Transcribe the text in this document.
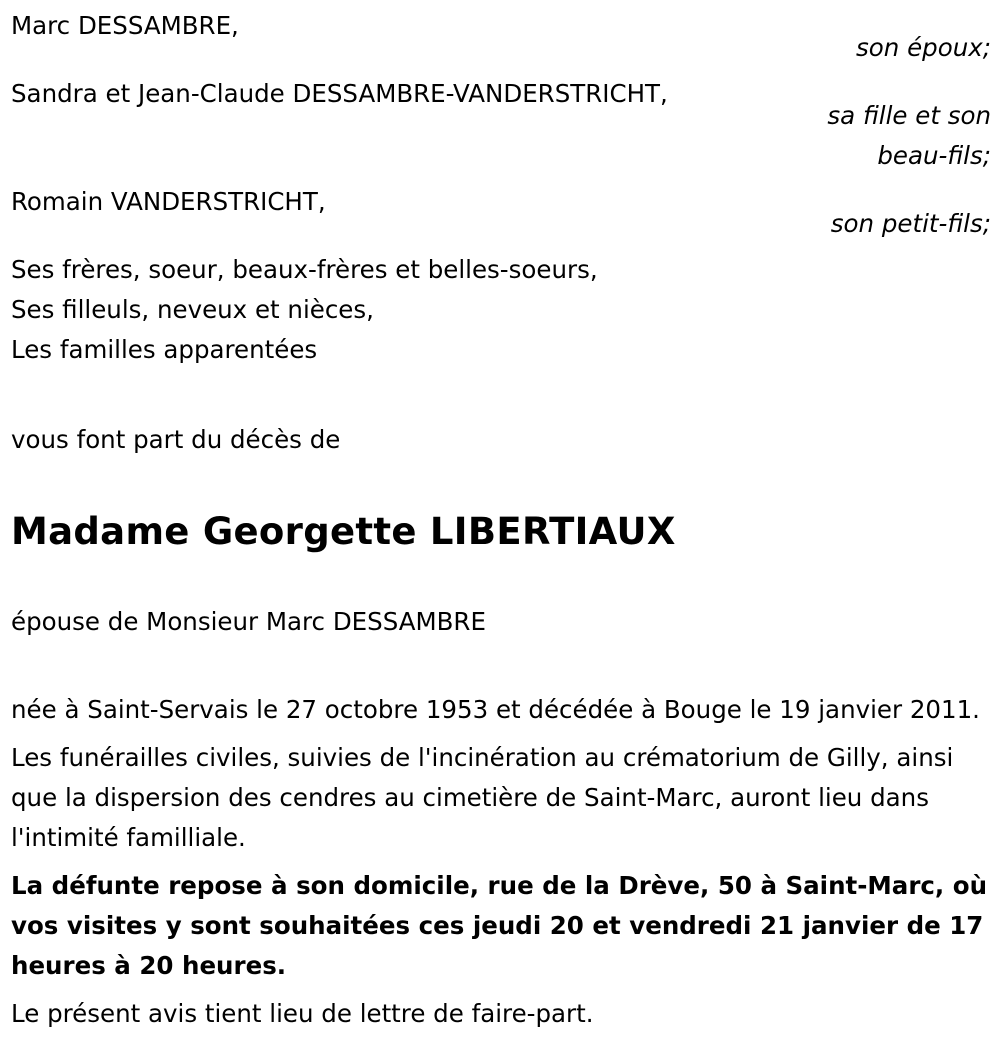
Marc DESSAMBRE,
son époux;
Sandra et Jean-Claude DESSAMBRE-VANDERSTRICHT,
sa fille et son
beau-fils;
Romain VANDERSTRICHT,
son petit-fils;

Ses frères, soeur, beaux-frères et belles-soeurs,

Ses filleuls, neveux et nièces,

Les familles apparentées

vous font part du décès de

Madame Georgette LIBERTIAUX

épouse de Monsieur Marc DESSAMBRE

née à Saint-Servais le 27 octobre 1953 et décédée à Bouge le 19 janvier 2011.

Les funérailles civiles, suivies de l'incinération au crématorium de Gilly, ainsi que la dispersion des cendres au cimetière de Saint-Marc, auront lieu dans l'intimité familliale.

La défunte repose à son domicile, rue de la Drève, 50 à Saint-Marc, où vos visites y sont souhaitées ces jeudi 20 et vendredi 21 janvier de 17 heures à 20 heures.

Le présent avis tient lieu de lettre de faire-part.
